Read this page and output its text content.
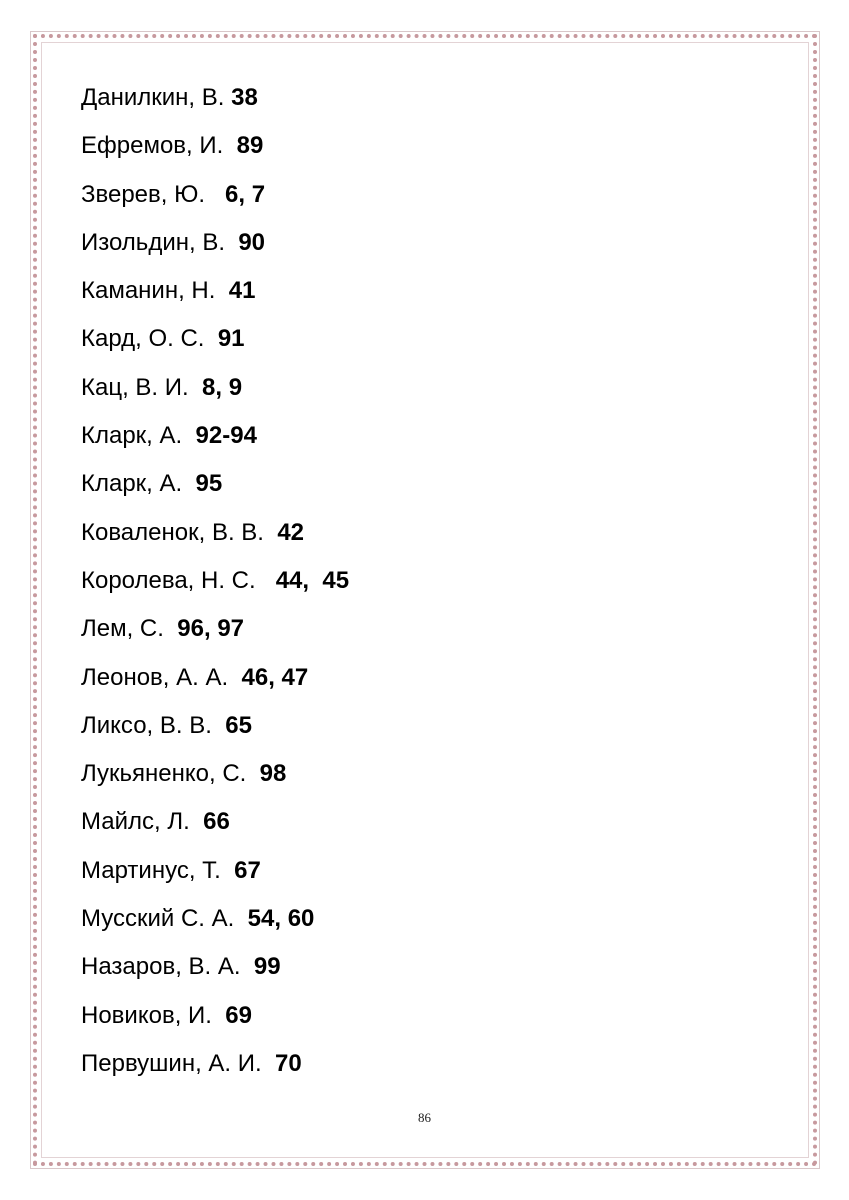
Данилкин, В. 38
Ефремов, И.  89
Зверев, Ю.   6, 7
Изольдин, В.  90
Каманин, Н.  41
Кард, О. С.  91
Кац, В. И.  8, 9
Кларк, А.  92-94
Кларк, А.  95
Коваленок, В. В.  42
Королева, Н. С.   44,  45
Лем, С.  96, 97
Леонов, А. А.  46, 47
Ликсо, В. В.  65
Лукьяненко, С.  98
Майлс, Л.  66
Мартинус, Т.  67
Мусский С. А.  54, 60
Назаров, В. А.  99
Новиков, И.  69
Первушин, А. И.  70
86
